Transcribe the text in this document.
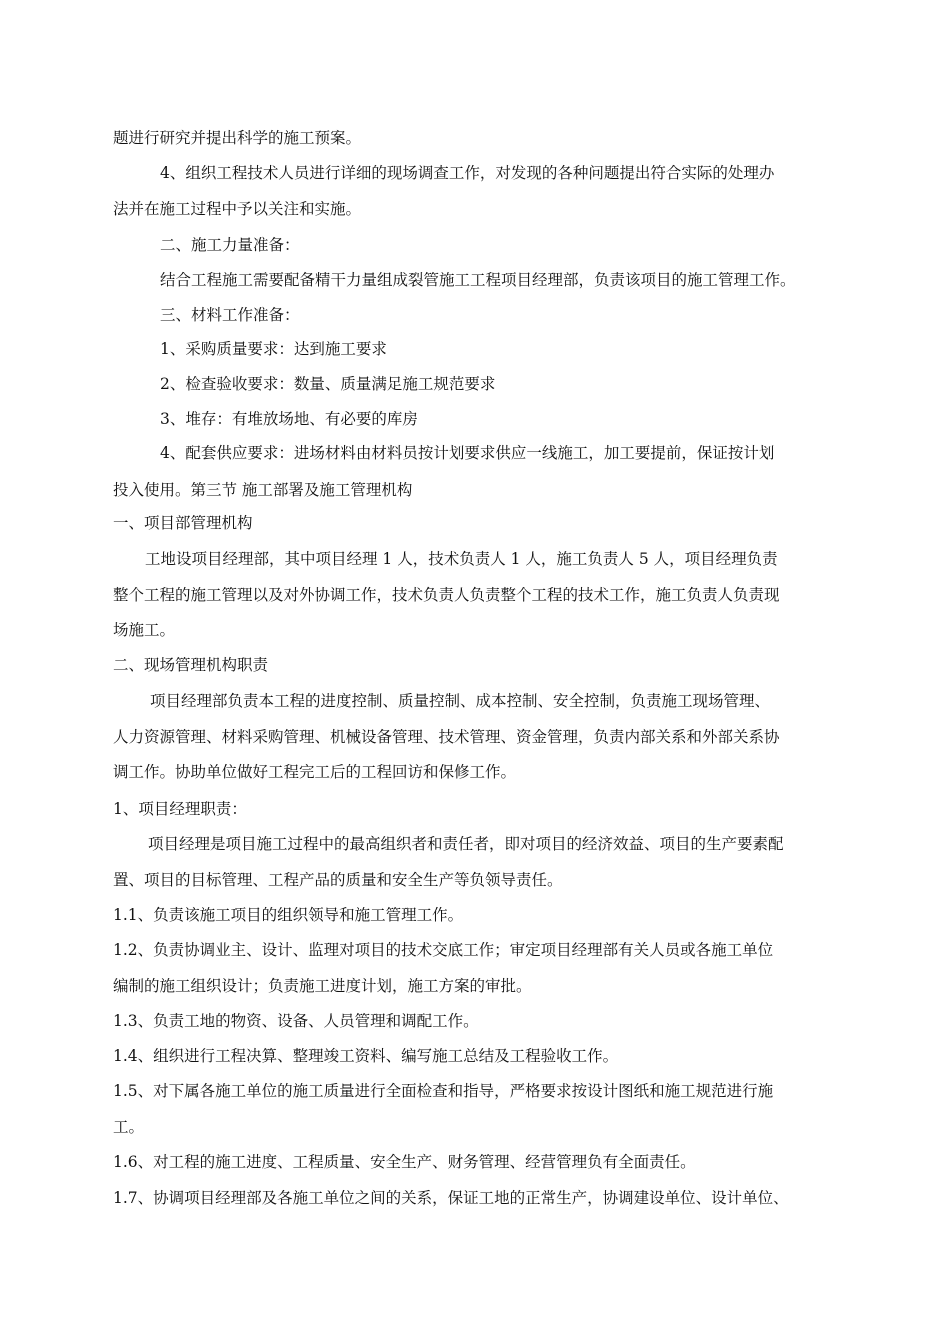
题进行研究并提出科学的施工预案。
4、组织工程技术人员进行详细的现场调查工作，对发现的各种问题提出符合实际的处理办
法并在施工过程中予以关注和实施。
二、施工力量准备：
结合工程施工需要配备精干力量组成裂管施工工程项目经理部，负责该项目的施工管理工作。
三、材料工作准备：
1、采购质量要求：达到施工要求
2、检查验收要求：数量、质量满足施工规范要求
3、堆存：有堆放场地、有必要的库房
4、配套供应要求：进场材料由材料员按计划要求供应一线施工，加工要提前，保证按计划
投入使用。第三节 施工部署及施工管理机构
一、项目部管理机构
工地设项目经理部，其中项目经理 1 人，技术负责人 1 人，施工负责人 5 人，项目经理负责
整个工程的施工管理以及对外协调工作，技术负责人负责整个工程的技术工作，施工负责人负责现
场施工。
二、现场管理机构职责
项目经理部负责本工程的进度控制、质量控制、成本控制、安全控制，负责施工现场管理、
人力资源管理、材料采购管理、机械设备管理、技术管理、资金管理，负责内部关系和外部关系协
调工作。协助单位做好工程完工后的工程回访和保修工作。
1、项目经理职责：
项目经理是项目施工过程中的最高组织者和责任者，即对项目的经济效益、项目的生产要素配
置、项目的目标管理、工程产品的质量和安全生产等负领导责任。
1.1、负责该施工项目的组织领导和施工管理工作。
1.2、负责协调业主、设计、监理对项目的技术交底工作；审定项目经理部有关人员或各施工单位
编制的施工组织设计；负责施工进度计划，施工方案的审批。
1.3、负责工地的物资、设备、人员管理和调配工作。
1.4、组织进行工程决算、整理竣工资料、编写施工总结及工程验收工作。
1.5、对下属各施工单位的施工质量进行全面检查和指导，严格要求按设计图纸和施工规范进行施
工。
1.6、对工程的施工进度、工程质量、安全生产、财务管理、经营管理负有全面责任。
1.7、协调项目经理部及各施工单位之间的关系，保证工地的正常生产，协调建设单位、设计单位、
